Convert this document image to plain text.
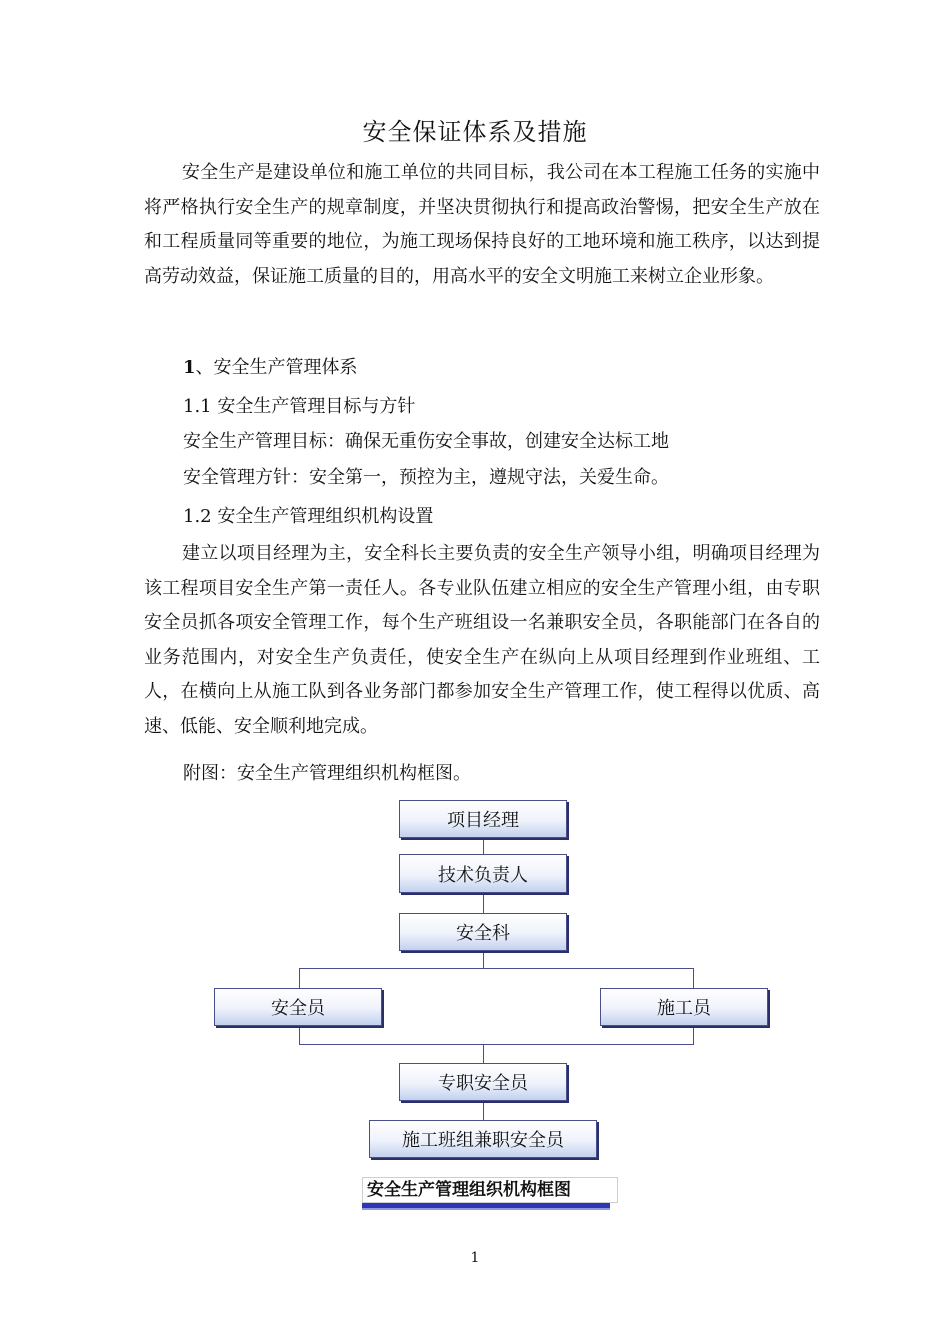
安全保证体系及措施

安全生产是建设单位和施工单位的共同目标，我公司在本工程施工任务的实施中将严格执行安全生产的规章制度，并坚决贯彻执行和提高政治警惕，把安全生产放在和工程质量同等重要的地位，为施工现场保持良好的工地环境和施工秩序，以达到提高劳动效益，保证施工质量的目的，用高水平的安全文明施工来树立企业形象。

1、安全生产管理体系
1.1 安全生产管理目标与方针
安全生产管理目标：确保无重伤安全事故，创建安全达标工地
安全管理方针：安全第一，预控为主，遵规守法，关爱生命。
1.2 安全生产管理组织机构设置

建立以项目经理为主，安全科长主要负责的安全生产领导小组，明确项目经理为该工程项目安全生产第一责任人。各专业队伍建立相应的安全生产管理小组，由专职安全员抓各项安全管理工作，每个生产班组设一名兼职安全员，各职能部门在各自的业务范围内，对安全生产负责任，使安全生产在纵向上从项目经理到作业班组、工人，在横向上从施工队到各业务部门都参加安全生产管理工作，使工程得以优质、高速、低能、安全顺利地完成。

附图：安全生产管理组织机构框图。
项目经理
技术负责人
安全科
安全员	施工员
专职安全员
施工班组兼职安全员
安全生产管理组织机构框图
1
